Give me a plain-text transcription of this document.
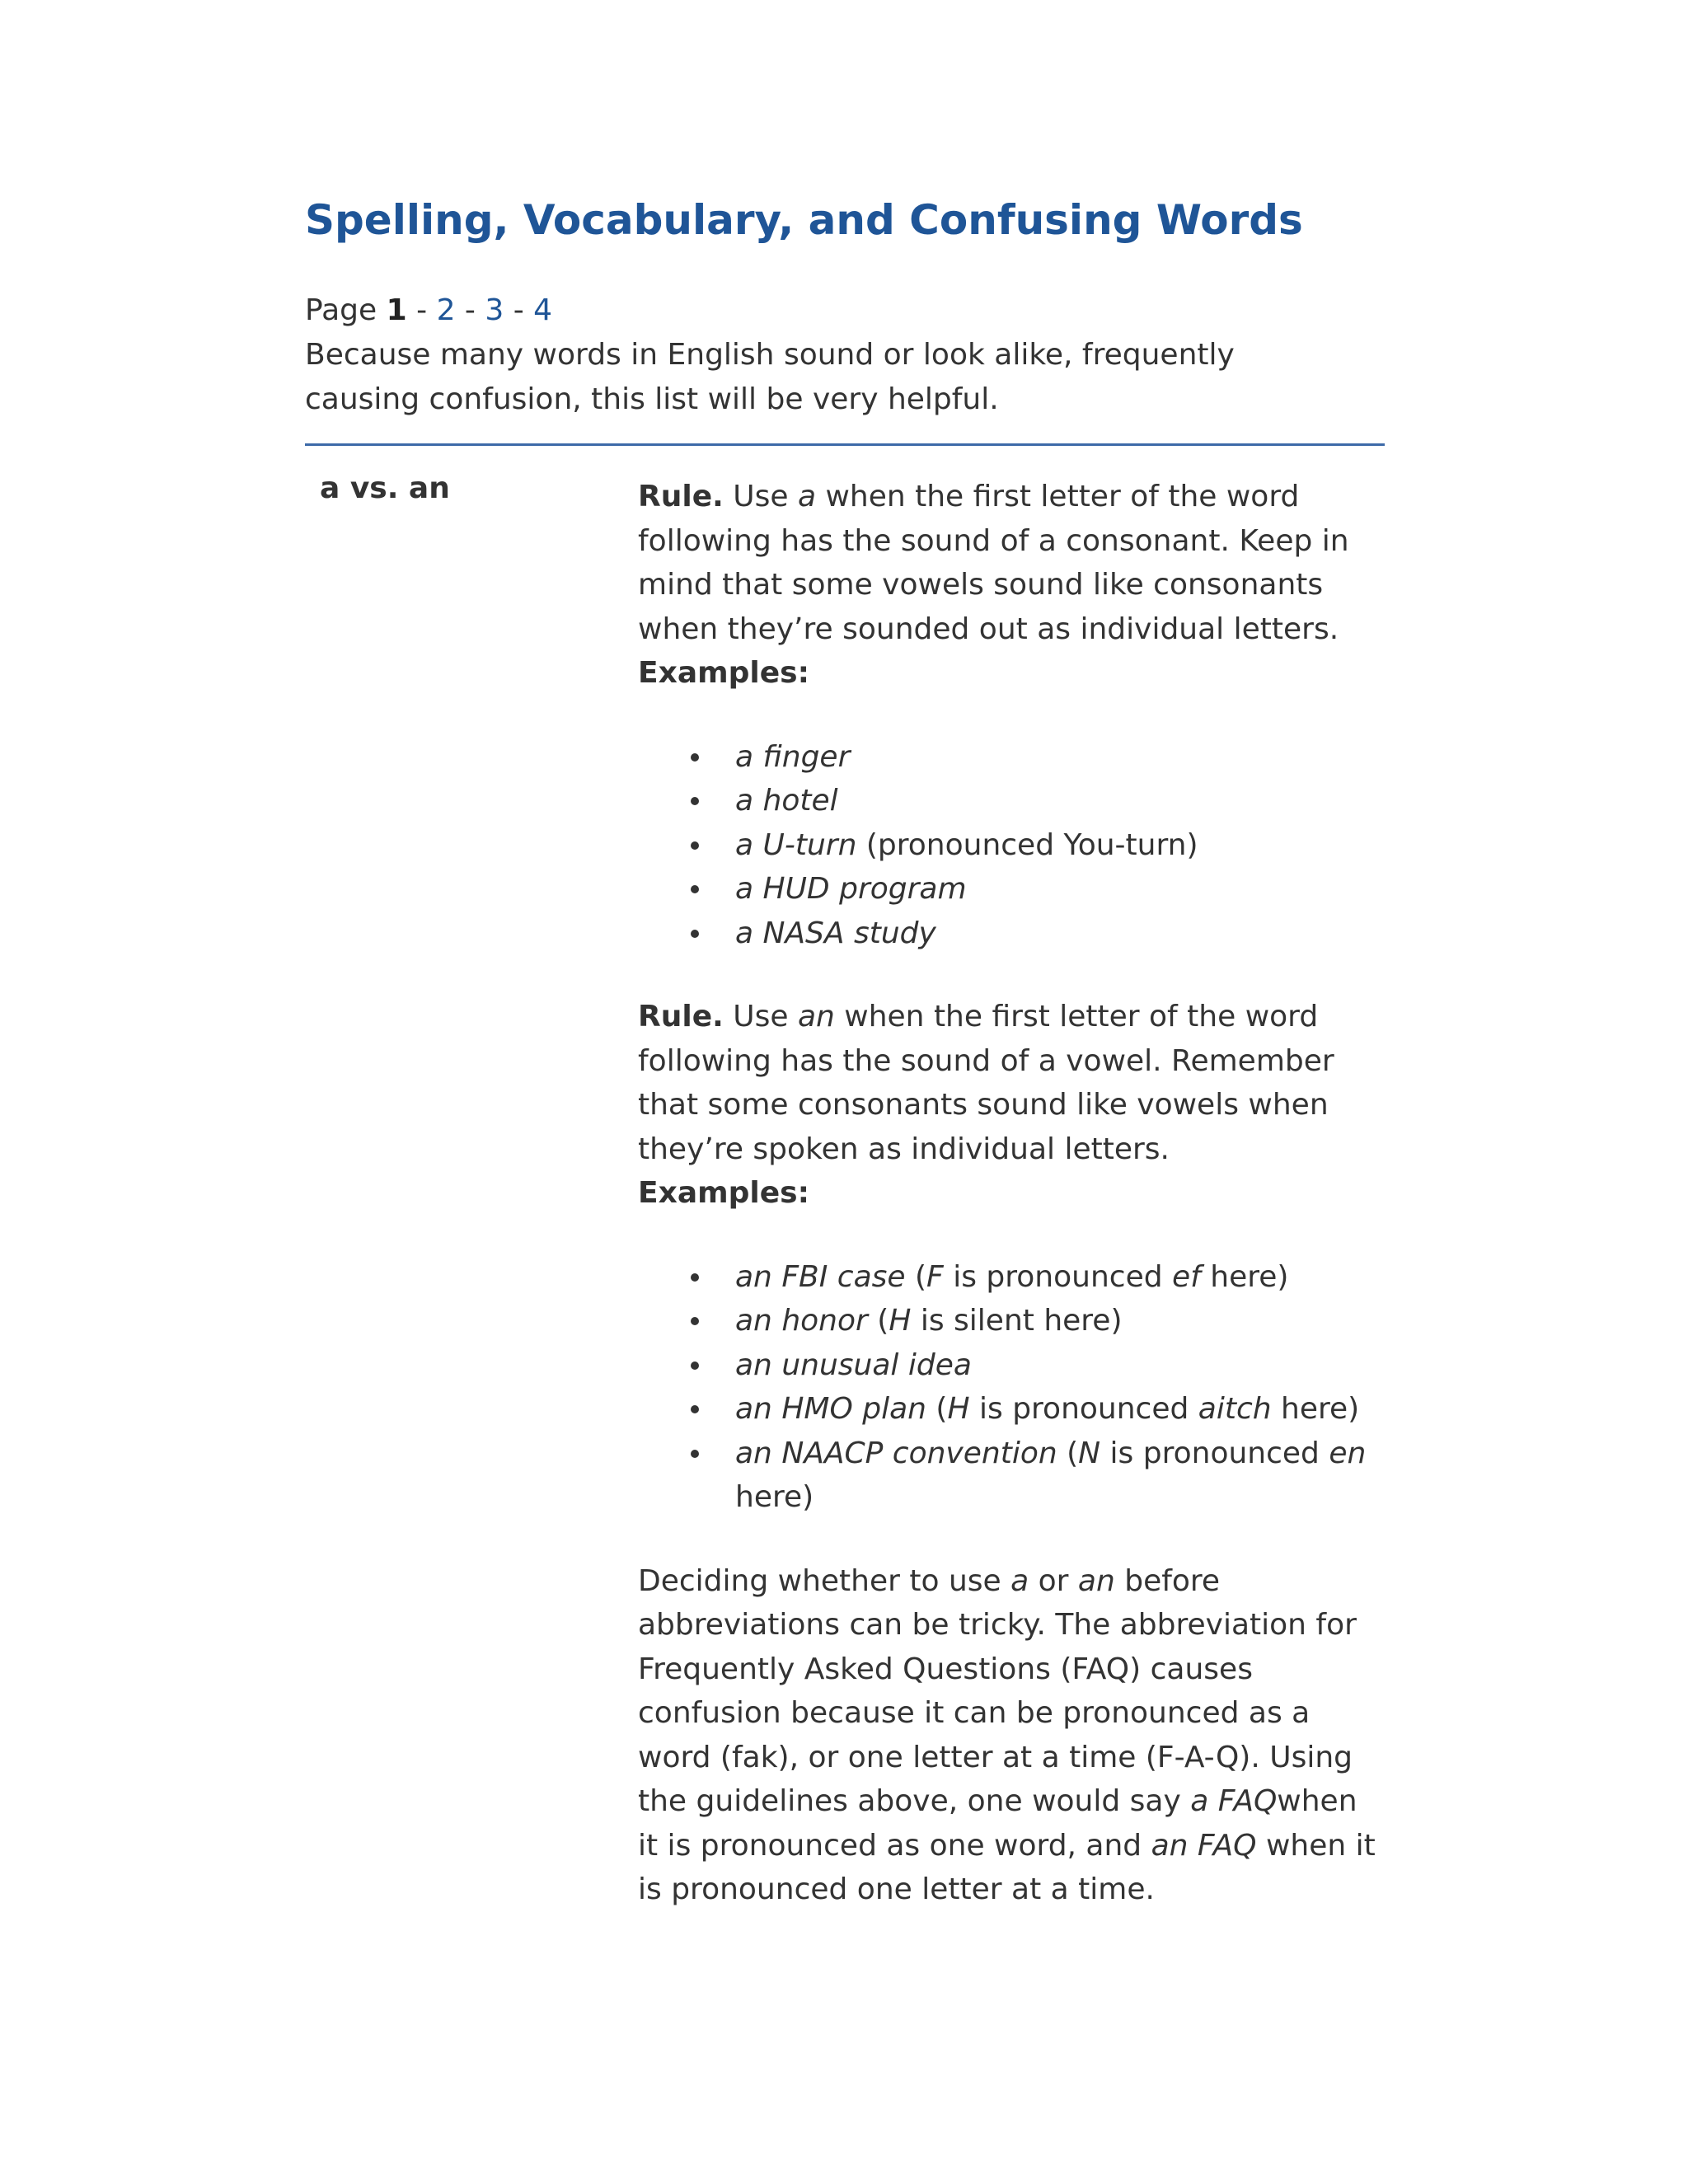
Spelling, Vocabulary, and Confusing Words
Page 1 - 2 - 3 - 4
Because many words in English sound or look alike, frequently causing confusion, this list will be very helpful.
a vs. an	Rule. Use a when the first letter of the word following has the sound of a consonant. Keep in mind that some vowels sound like consonants when they’re sounded out as individual letters.
Examples:

a finger
a hotel
a U-turn (pronounced You-turn)
a HUD program
a NASA study

Rule. Use an when the first letter of the word following has the sound of a vowel. Remember that some consonants sound like vowels when they’re spoken as individual letters.
Examples:

an FBI case (F is pronounced ef here)
an honor (H is silent here)
an unusual idea
an HMO plan (H is pronounced aitch here)
an NAACP convention (N is pronounced en here)

Deciding whether to use a or an before abbreviations can be tricky. The abbreviation for Frequently Asked Questions (FAQ) causes confusion because it can be pronounced as a word (fak), or one letter at a time (F-A-Q). Using the guidelines above, one would say a FAQwhen it is pronounced as one word, and an FAQ when it is pronounced one letter at a time.
